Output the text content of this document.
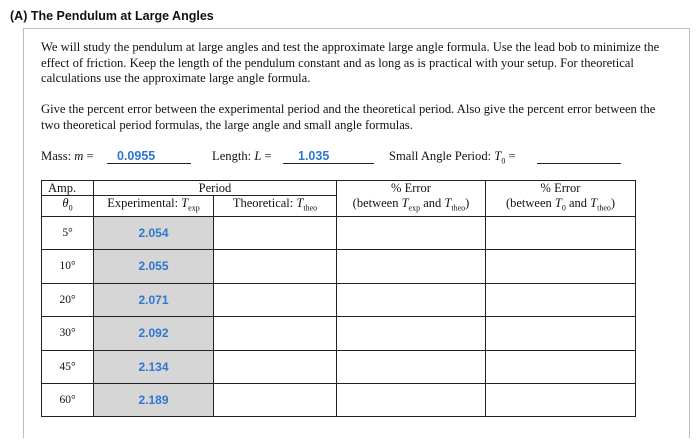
(A) The Pendulum at Large Angles
We will study the pendulum at large angles and test the approximate large angle formula. Use the lead bob to minimize the effect of friction. Keep the length of the pendulum constant and as long as is practical with your setup. For theoretical calculations use the approximate large angle formula.
Give the percent error between the experimental period and the theoretical period. Also give the percent error between the two theoretical period formulas, the large angle and small angle formulas.
Mass: m = 0.0955	Length: L = 1.035	Small Angle Period: $T_0$ =
Amp.	Period		% Error	% Error
$\theta_0$	Experimental: $T_{exp}$	Theoretical: $T_{theo}$	(between $T_{exp}$ and $T_{theo}$)	(between $T_0$ and $T_{theo}$)
5°	2.054			
10°	2.055			
20°	2.071			
30°	2.092			
45°	2.134			
60°	2.189			
